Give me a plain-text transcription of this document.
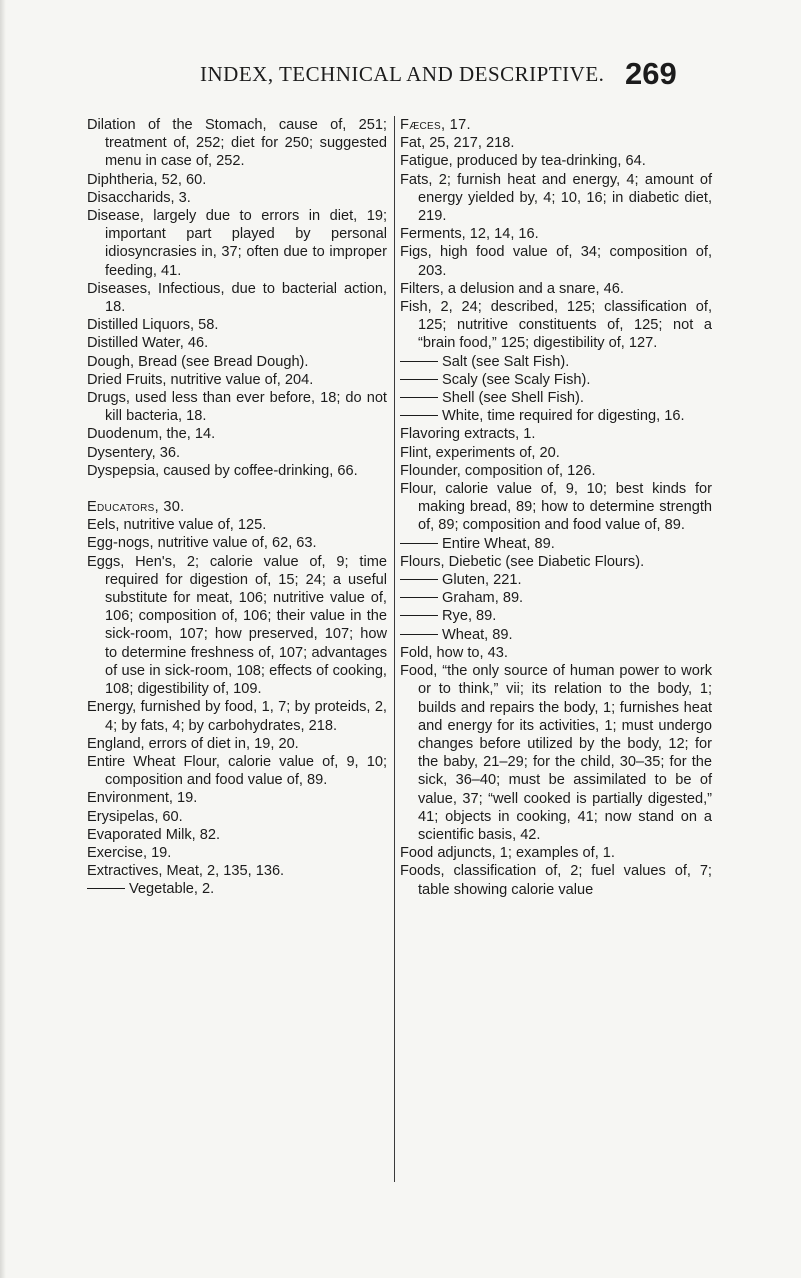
INDEX, TECHNICAL AND DESCRIPTIVE. 269

Dilation of the Stomach, cause of, 251; treatment of, 252; diet for 250; suggested menu in case of, 252.

Diphtheria, 52, 60.

Disaccharids, 3.

Disease, largely due to errors in diet, 19; important part played by personal idiosyncrasies in, 37; often due to improper feeding, 41.

Diseases, Infectious, due to bacterial action, 18.

Distilled Liquors, 58.

Distilled Water, 46.

Dough, Bread (see Bread Dough).

Dried Fruits, nutritive value of, 204.

Drugs, used less than ever before, 18; do not kill bacteria, 18.

Duodenum, the, 14.

Dysentery, 36.

Dyspepsia, caused by coffee-drinking, 66.

Educators, 30.

Eels, nutritive value of, 125.

Egg-nogs, nutritive value of, 62, 63.

Eggs, Hen's, 2; calorie value of, 9; time required for digestion of, 15; 24; a useful substitute for meat, 106; nutritive value of, 106; composition of, 106; their value in the sick-room, 107; how preserved, 107; how to determine freshness of, 107; advantages of use in sick-room, 108; effects of cooking, 108; digestibility of, 109.

Energy, furnished by food, 1, 7; by proteids, 2, 4; by fats, 4; by carbohydrates, 218.

England, errors of diet in, 19, 20.

Entire Wheat Flour, calorie value of, 9, 10; composition and food value of, 89.

Environment, 19.

Erysipelas, 60.

Evaporated Milk, 82.

Exercise, 19.

Extractives, Meat, 2, 135, 136.

Vegetable, 2.

Fæces, 17.

Fat, 25, 217, 218.

Fatigue, produced by tea-drinking, 64.

Fats, 2; furnish heat and energy, 4; amount of energy yielded by, 4; 10, 16; in diabetic diet, 219.

Ferments, 12, 14, 16.

Figs, high food value of, 34; composition of, 203.

Filters, a delusion and a snare, 46.

Fish, 2, 24; described, 125; classification of, 125; nutritive constituents of, 125; not a “brain food,” 125; digestibility of, 127.

Salt (see Salt Fish).

Scaly (see Scaly Fish).

Shell (see Shell Fish).

White, time required for digesting, 16.

Flavoring extracts, 1.

Flint, experiments of, 20.

Flounder, composition of, 126.

Flour, calorie value of, 9, 10; best kinds for making bread, 89; how to determine strength of, 89; composition and food value of, 89.

Entire Wheat, 89.

Flours, Diebetic (see Diabetic Flours).

Gluten, 221.

Graham, 89.

Rye, 89.

Wheat, 89.

Fold, how to, 43.

Food, “the only source of human power to work or to think,” vii; its relation to the body, 1; builds and repairs the body, 1; furnishes heat and energy for its activities, 1; must undergo changes before utilized by the body, 12; for the baby, 21–29; for the child, 30–35; for the sick, 36–40; must be assimilated to be of value, 37; “well cooked is partially digested,” 41; objects in cooking, 41; now stand on a scientific basis, 42.

Food adjuncts, 1; examples of, 1.

Foods, classification of, 2; fuel values of, 7; table showing calorie value
